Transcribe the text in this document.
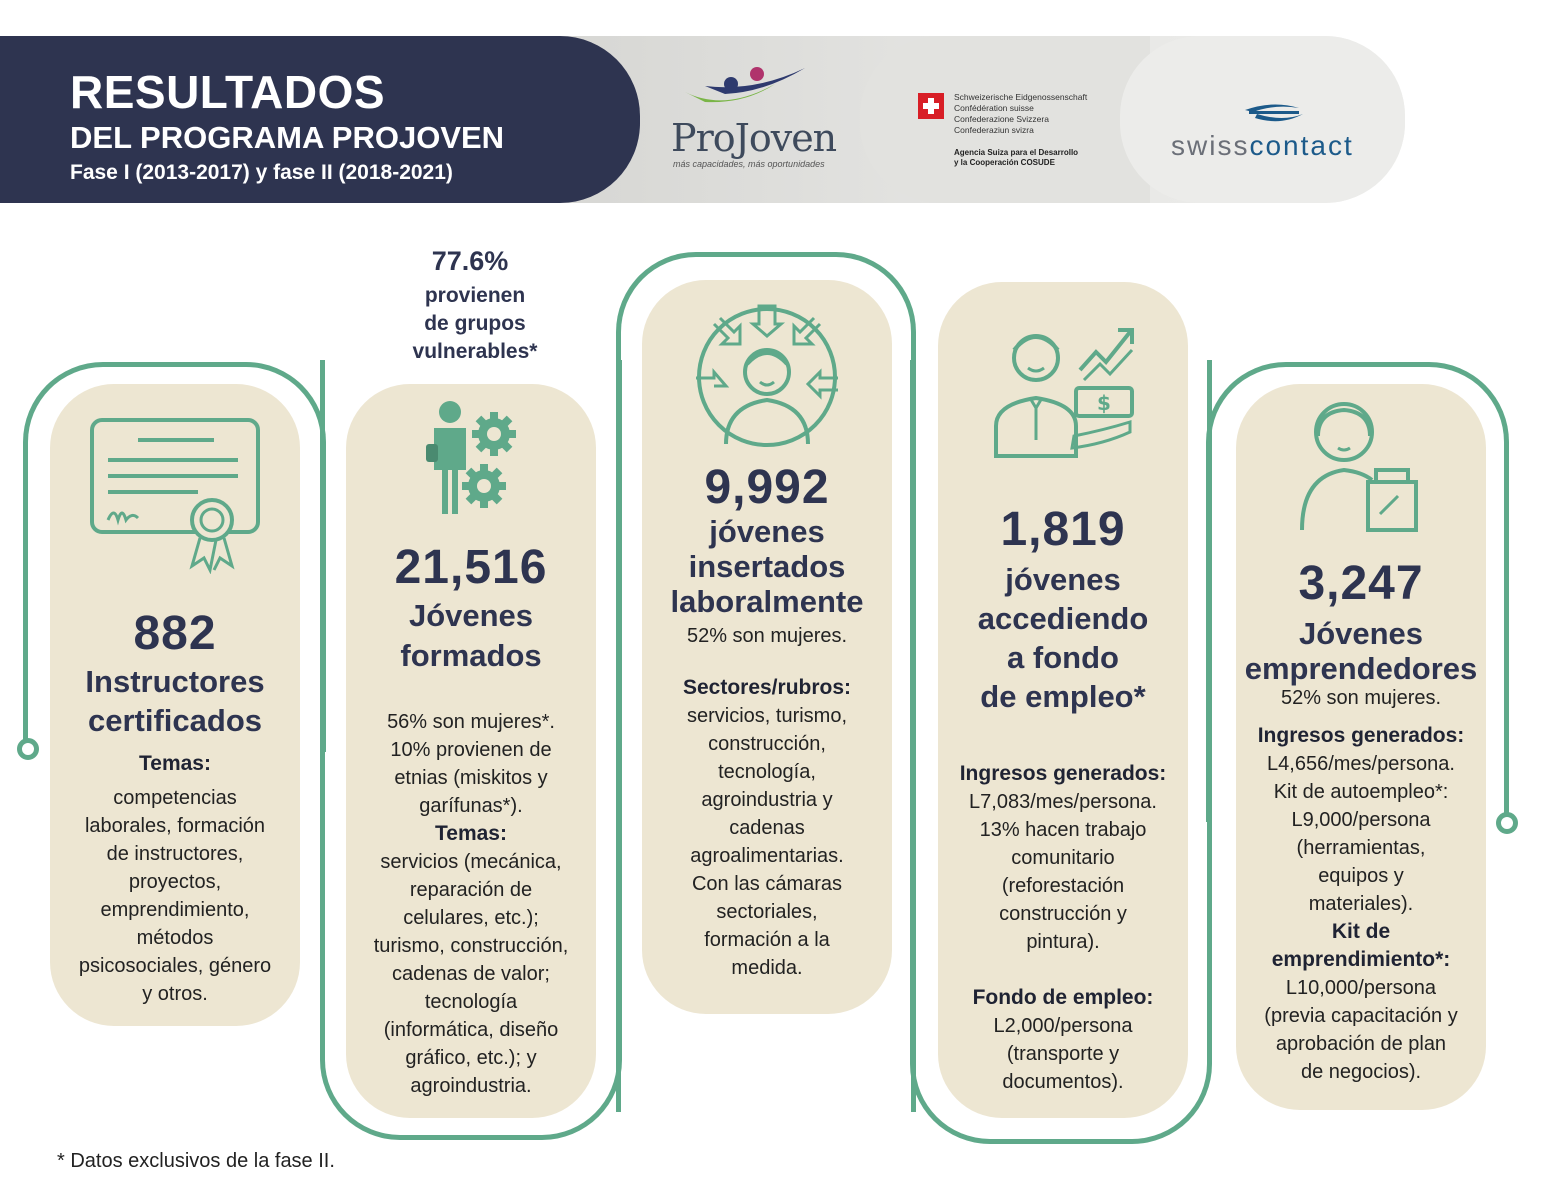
RESULTADOS
DEL PROGRAMA PROJOVEN
Fase I (2013-2017) y fase II (2018-2021)
ProJoven
más capacidades, más oportunidades
Schweizerische Eidgenossenschaft
Confédération suisse
Confederazione Svizzera
Confederaziun svizra
Agencia Suiza para el Desarrollo
y la Cooperación COSUDE
swisscontact
77.6%
provienen
de grupos
vulnerables*
882
Instructores
certificados
Temas:
competencias
laborales, formación
de instructores,
proyectos,
emprendimiento,
métodos
psicosociales, género
y otros.
21,516
Jóvenes
formados
56% son mujeres*.
10% provienen de
etnias (miskitos y
garífunas*).
Temas:
servicios (mecánica,
reparación de
celulares, etc.);
turismo, construcción,
cadenas de valor;
tecnología
(informática, diseño
gráfico, etc.); y
agroindustria.
9,992
jóvenes
insertados
laboralmente
52% son mujeres.
Sectores/rubros:
servicios, turismo,
construcción,
tecnología,
agroindustria y
cadenas
agroalimentarias.
Con las cámaras
sectoriales,
formación a la
medida.
$
1,819
jóvenes
accediendo
a fondo
de empleo*
Ingresos generados:
L7,083/mes/persona.
13% hacen trabajo
comunitario
(reforestación
construcción y
pintura).
Fondo de empleo:
L2,000/persona
(transporte y
documentos).
3,247
Jóvenes
emprendedores
52% son mujeres.
Ingresos generados:
L4,656/mes/persona.
Kit de autoempleo*:
L9,000/persona
(herramientas,
equipos y
materiales).
Kit de
emprendimiento*:
L10,000/persona
(previa capacitación y
aprobación de plan
de negocios).
* Datos exclusivos de la fase II.
